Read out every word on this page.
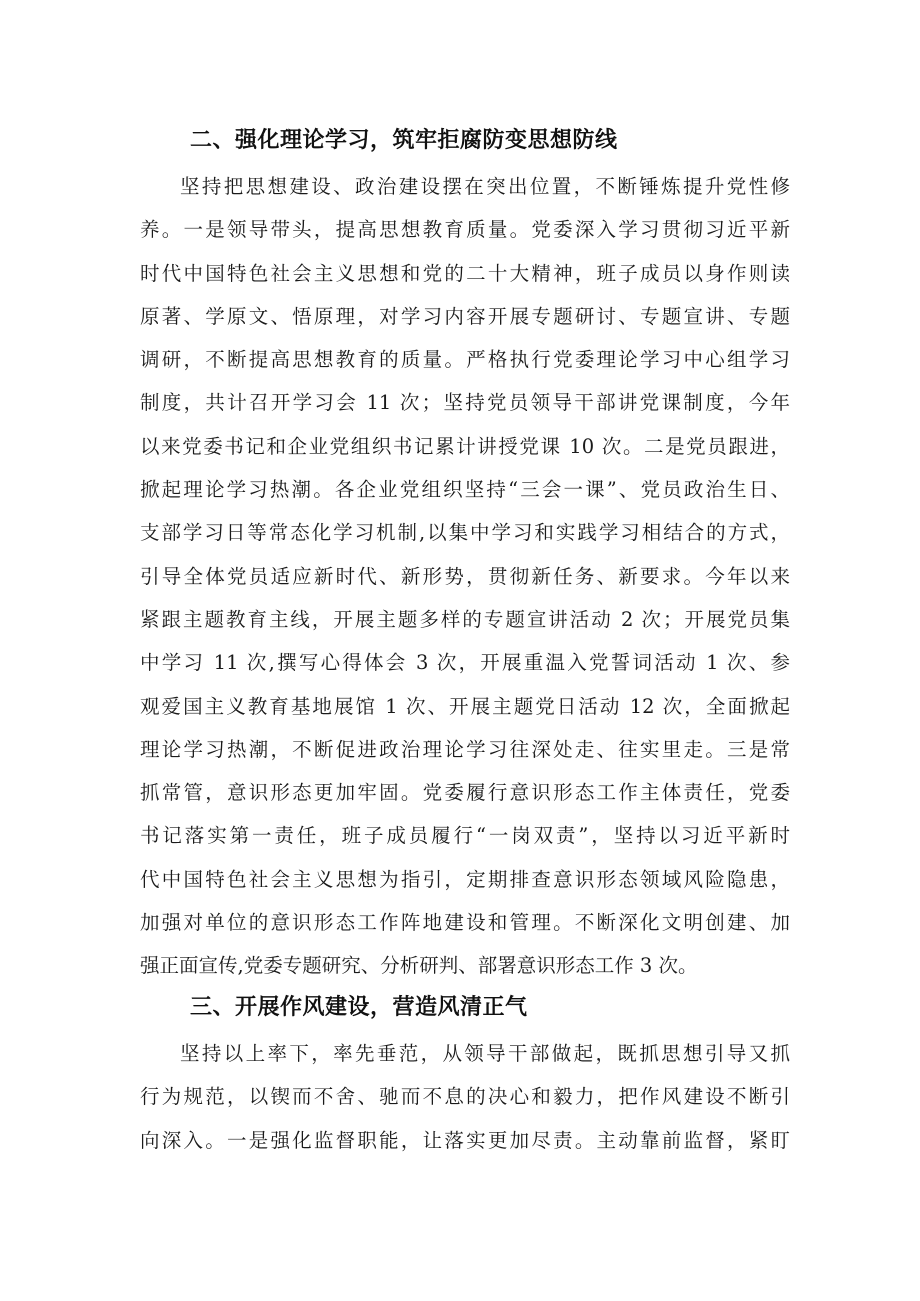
二、强化理论学习，筑牢拒腐防变思想防线
坚持把思想建设、政治建设摆在突出位置，不断锤炼提升党性修
养。一是领导带头，提高思想教育质量。党委深入学习贯彻习近平新
时代中国特色社会主义思想和党的二十大精神，班子成员以身作则读
原著、学原文、悟原理，对学习内容开展专题研讨、专题宣讲、专题
调研，不断提高思想教育的质量。严格执行党委理论学习中心组学习
制度，共计召开学习会 11 次；坚持党员领导干部讲党课制度，今年
以来党委书记和企业党组织书记累计讲授党课 10 次。二是党员跟进，
掀起理论学习热潮。各企业党组织坚持“三会一课”、党员政治生日、
支部学习日等常态化学习机制,以集中学习和实践学习相结合的方式，
引导全体党员适应新时代、新形势，贯彻新任务、新要求。今年以来
紧跟主题教育主线，开展主题多样的专题宣讲活动 2 次；开展党员集
中学习 11 次,撰写心得体会 3 次，开展重温入党誓词活动 1 次、参
观爱国主义教育基地展馆 1 次、开展主题党日活动 12 次，全面掀起
理论学习热潮，不断促进政治理论学习往深处走、往实里走。三是常
抓常管，意识形态更加牢固。党委履行意识形态工作主体责任，党委
书记落实第一责任，班子成员履行“一岗双责”，坚持以习近平新时
代中国特色社会主义思想为指引，定期排查意识形态领域风险隐患，
加强对单位的意识形态工作阵地建设和管理。不断深化文明创建、加
强正面宣传,党委专题研究、分析研判、部署意识形态工作 3 次。
三、开展作风建设，营造风清正气
坚持以上率下，率先垂范，从领导干部做起，既抓思想引导又抓
行为规范，以锲而不舍、驰而不息的决心和毅力，把作风建设不断引
向深入。一是强化监督职能，让落实更加尽责。主动靠前监督，紧盯
